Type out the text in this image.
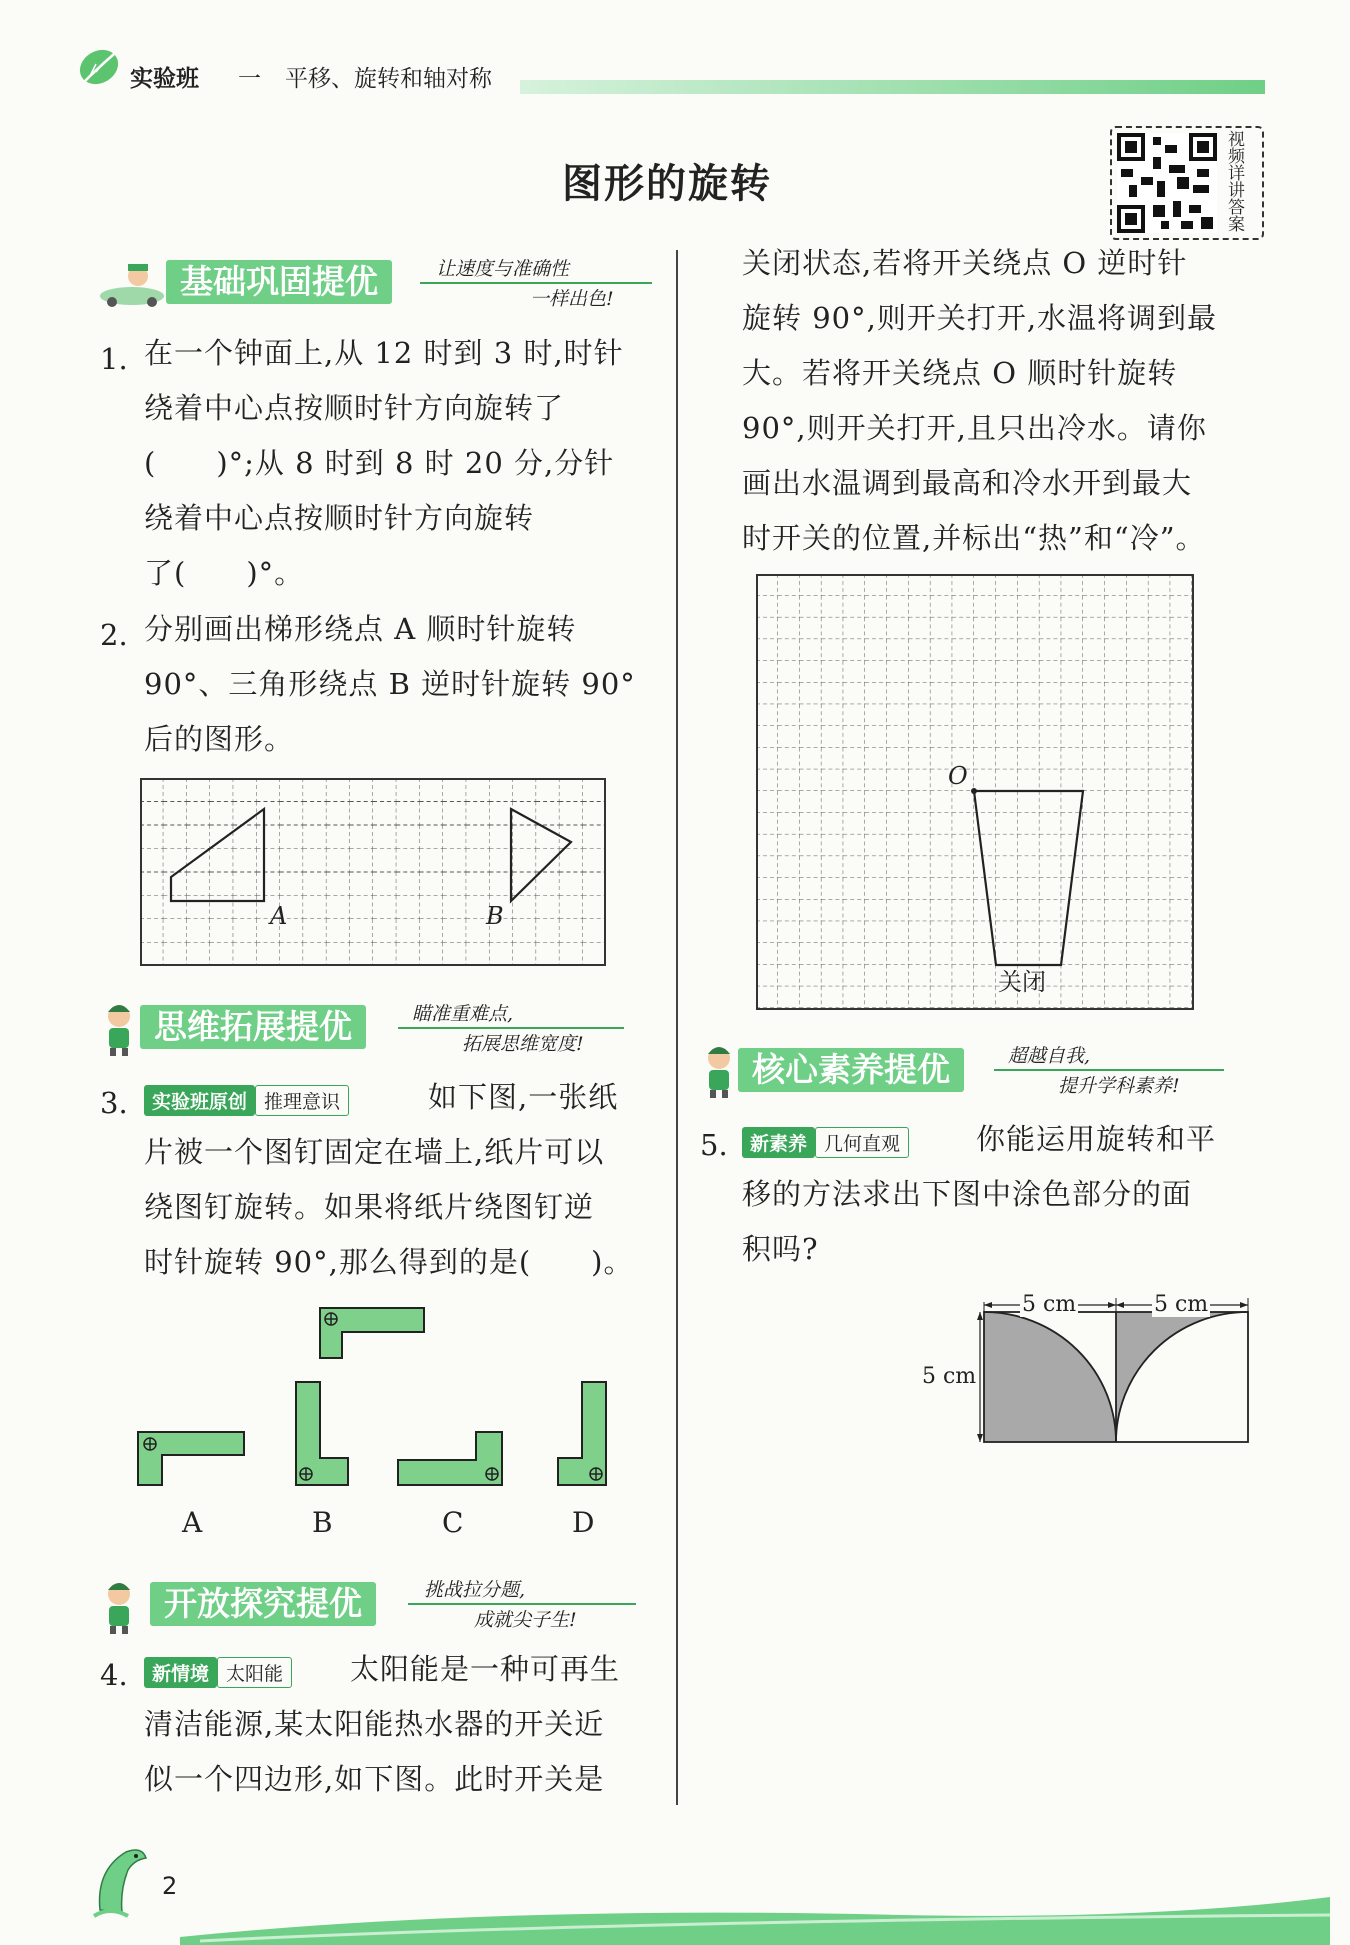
实验班 一 平移、旋转和轴对称
图形的旋转
视频详讲答案
基础巩固提优	让速度与准确性
一样出色!
1. 在一个钟面上,从 12 时到 3 时,时针

绕着中心点按顺时针方向旋转了

(　　)°;从 8 时到 8 时 20 分,分针

绕着中心点按顺时针方向旋转

了(　　)°。

2. 分别画出梯形绕点 A 顺时针旋转

90°、三角形绕点 B 逆时针旋转 90°

后的图形。

A	B
思维拓展提优	瞄准重难点,
拓展思维宽度!
3.	实验班原创 推理意识	如下图,一张纸

片被一个图钉固定在墙上,纸片可以

绕图钉旋转。如果将纸片绕图钉逆

时针旋转 90°,那么得到的是(　　)。

A	B	C	D
开放探究提优	挑战拉分题,
成就尖子生!
4.	新情境 太阳能	太阳能是一种可再生

清洁能源,某太阳能热水器的开关近

似一个四边形,如下图。此时开关是

关闭状态,若将开关绕点 O 逆时针

旋转 90°,则开关打开,水温将调到最

大。若将开关绕点 O 顺时针旋转

90°,则开关打开,且只出冷水。请你

画出水温调到最高和冷水开到最大

时开关的位置,并标出“热”和“冷”。

O
关闭
核心素养提优	超越自我,
提升学科素养!
5.	新素养 几何直观	你能运用旋转和平

移的方法求出下图中涂色部分的面

积吗?

5 cm	5 cm
5 cm
2
